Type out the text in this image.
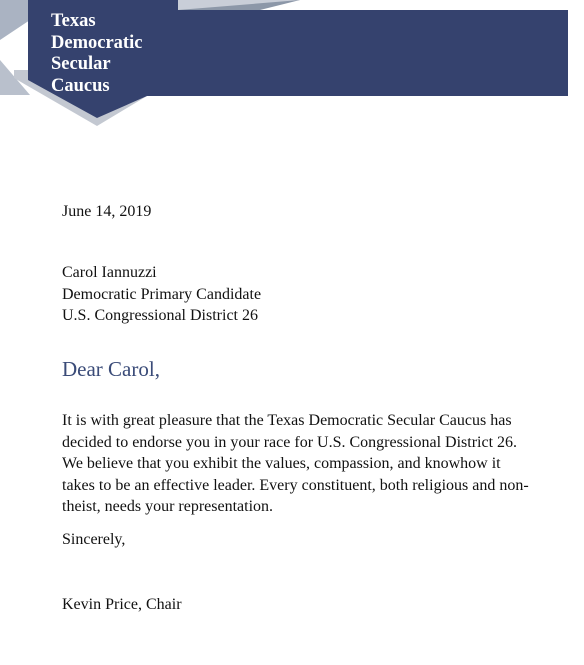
Texas
Democratic
Secular
Caucus

June 14, 2019

Carol Iannuzzi
Democratic Primary Candidate
U.S. Congressional District 26

Dear Carol,

It is with great pleasure that the Texas Democratic Secular Caucus has decided to endorse you in your race for U.S. Congressional District 26. We believe that you exhibit the values, compassion, and knowhow it takes to be an effective leader. Every constituent, both religious and non-theist, needs your representation.

Sincerely,

Kevin Price, Chair
